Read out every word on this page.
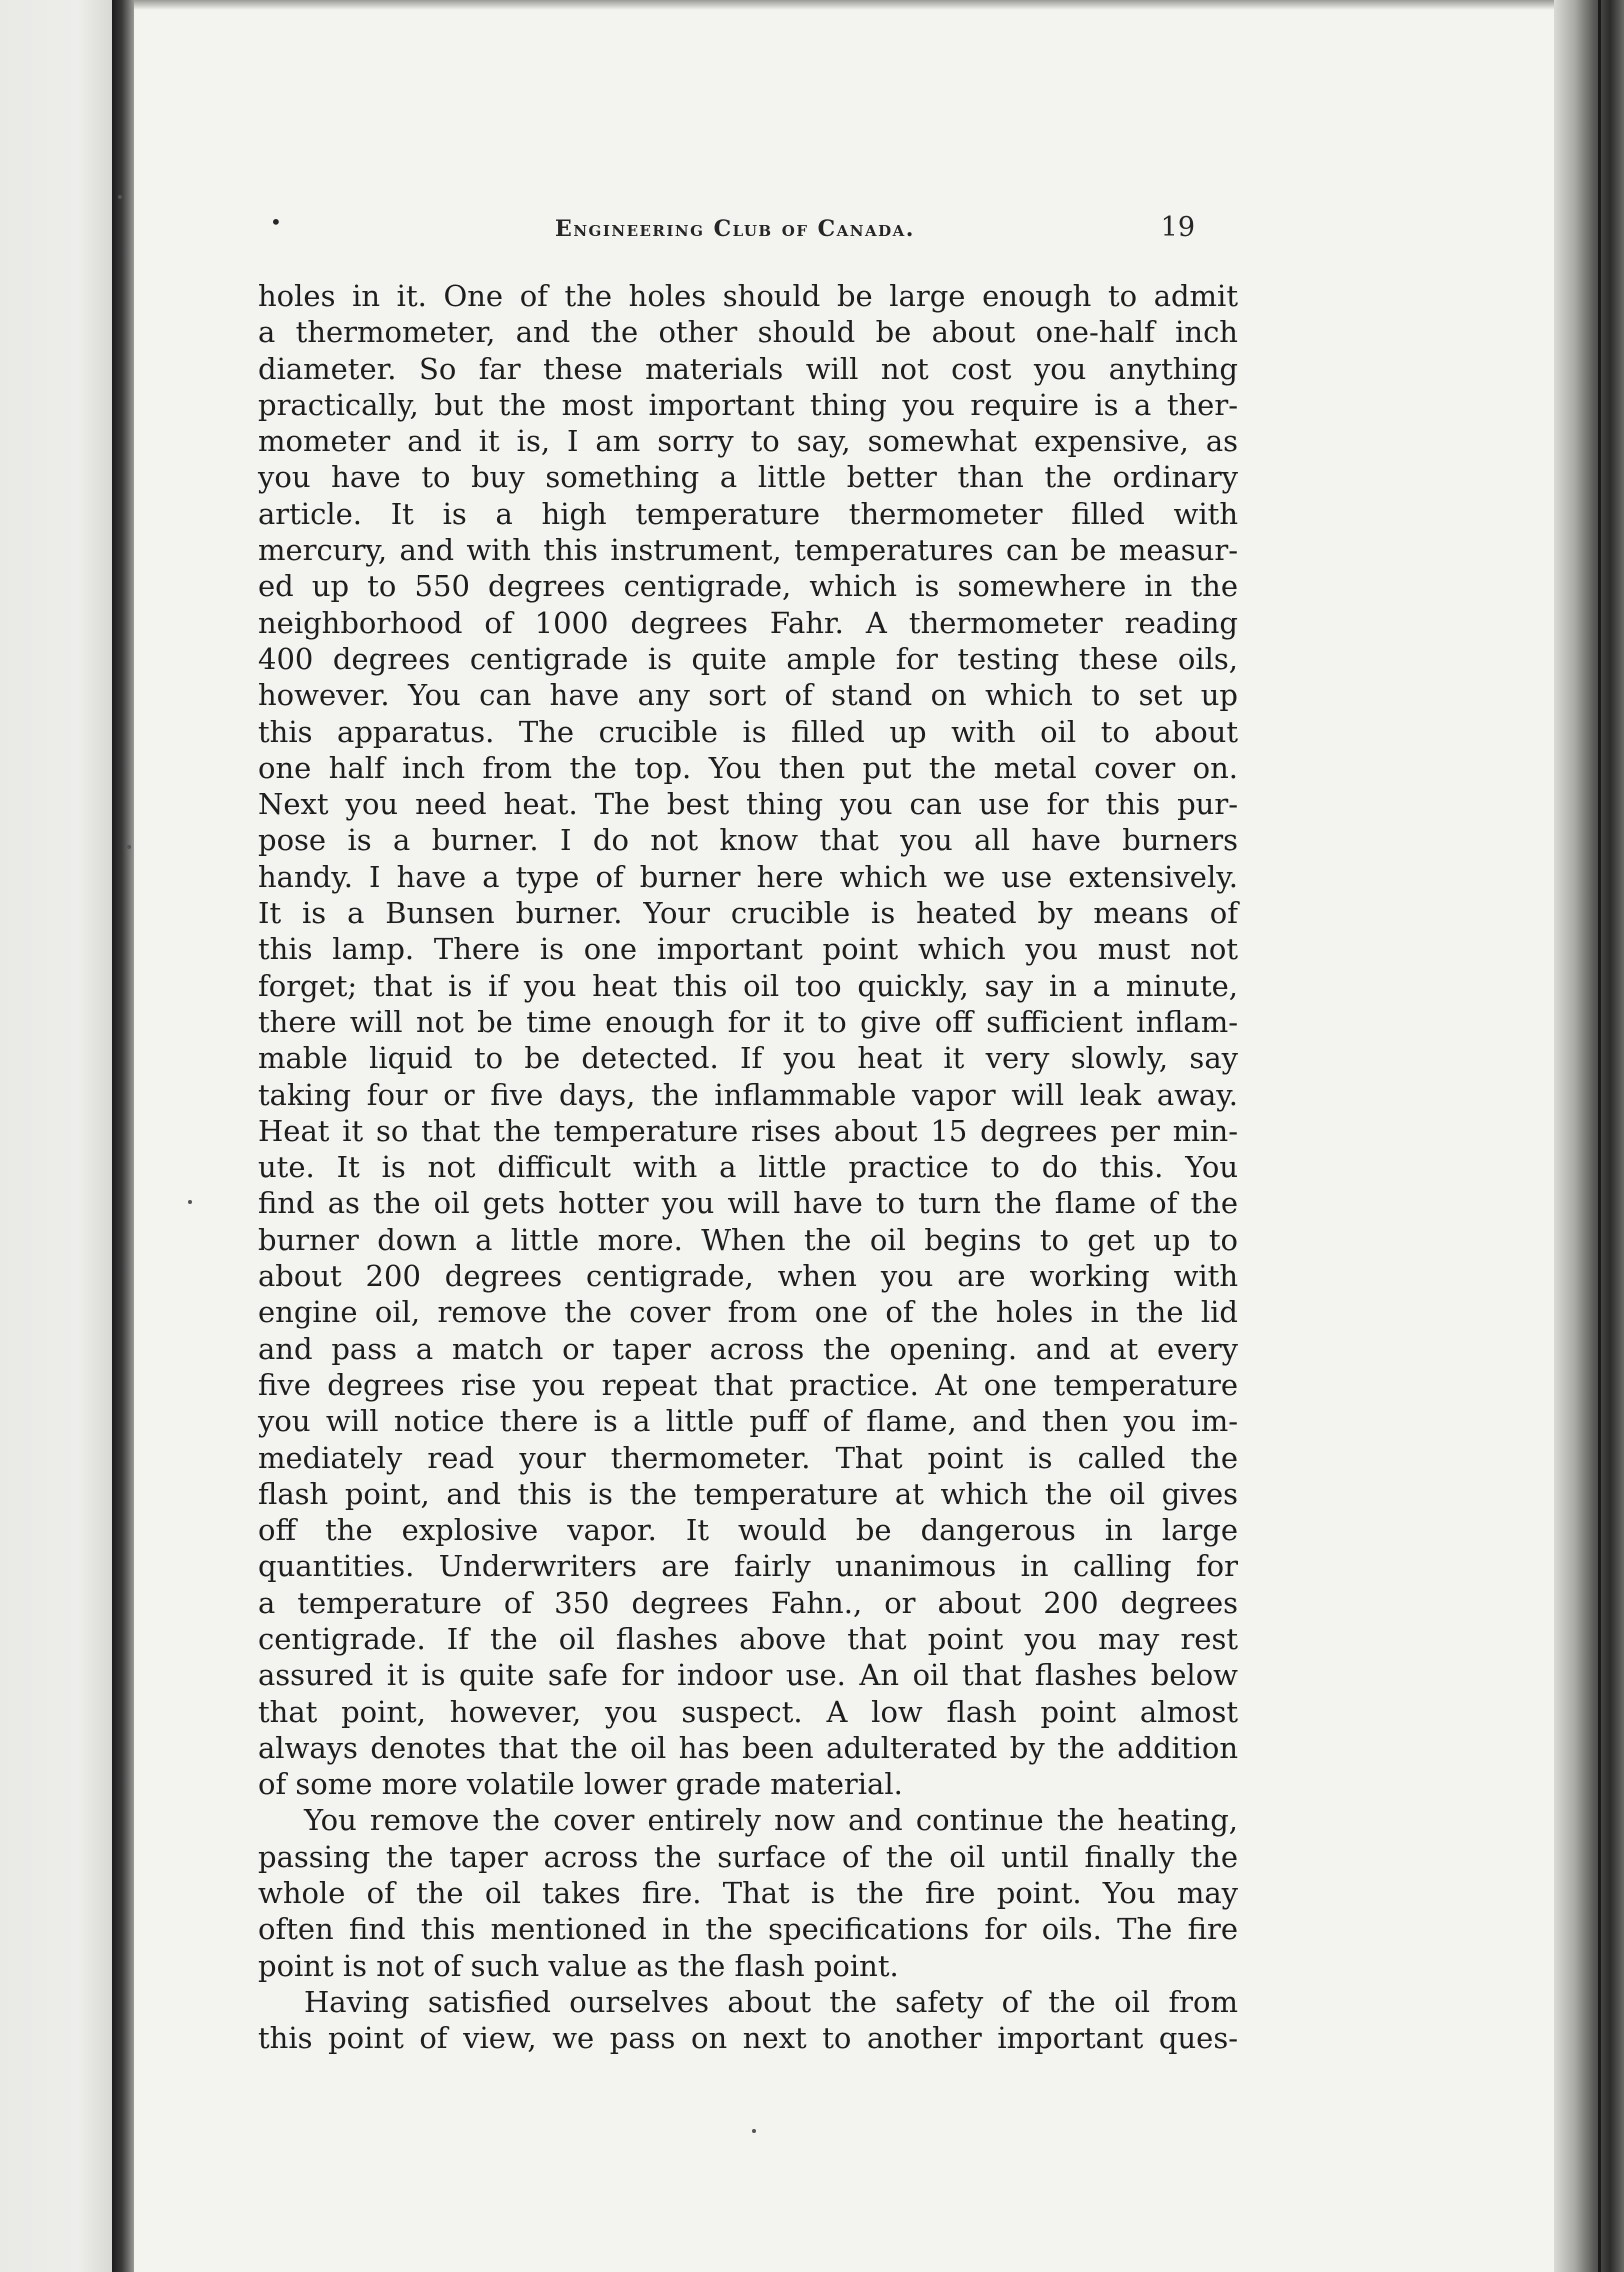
•	Engineering Club of Canada.	19
holes in it. One of the holes should be large enough to admit
a thermometer, and the other should be about one-half inch
diameter. So far these materials will not cost you anything
practically, but the most important thing you require is a ther-
mometer and it is, I am sorry to say, somewhat expensive, as
you have to buy something a little better than the ordinary
article. It is a high temperature thermometer filled with
mercury, and with this instrument, temperatures can be measur-
ed up to 550 degrees centigrade, which is somewhere in the
neighborhood of 1000 degrees Fahr. A thermometer reading
400 degrees centigrade is quite ample for testing these oils,
however. You can have any sort of stand on which to set up
this apparatus. The crucible is filled up with oil to about
one half inch from the top. You then put the metal cover on.
Next you need heat. The best thing you can use for this pur-
pose is a burner. I do not know that you all have burners
handy. I have a type of burner here which we use extensively.
It is a Bunsen burner. Your crucible is heated by means of
this lamp. There is one important point which you must not
forget; that is if you heat this oil too quickly, say in a minute,
there will not be time enough for it to give off sufficient inflam-
mable liquid to be detected. If you heat it very slowly, say
taking four or five days, the inflammable vapor will leak away.
Heat it so that the temperature rises about 15 degrees per min-
ute. It is not difficult with a little practice to do this. You
find as the oil gets hotter you will have to turn the flame of the
burner down a little more. When the oil begins to get up to
about 200 degrees centigrade, when you are working with
engine oil, remove the cover from one of the holes in the lid
and pass a match or taper across the opening. and at every
five degrees rise you repeat that practice. At one temperature
you will notice there is a little puff of flame, and then you im-
mediately read your thermometer. That point is called the
flash point, and this is the temperature at which the oil gives
off the explosive vapor. It would be dangerous in large
quantities. Underwriters are fairly unanimous in calling for
a temperature of 350 degrees Fahn., or about 200 degrees
centigrade. If the oil flashes above that point you may rest
assured it is quite safe for indoor use. An oil that flashes below
that point, however, you suspect. A low flash point almost
always denotes that the oil has been adulterated by the addition
of some more volatile lower grade material.
You remove the cover entirely now and continue the heating,
passing the taper across the surface of the oil until finally the
whole of the oil takes fire. That is the fire point. You may
often find this mentioned in the specifications for oils. The fire
point is not of such value as the flash point.
Having satisfied ourselves about the safety of the oil from
this point of view, we pass on next to another important ques-
